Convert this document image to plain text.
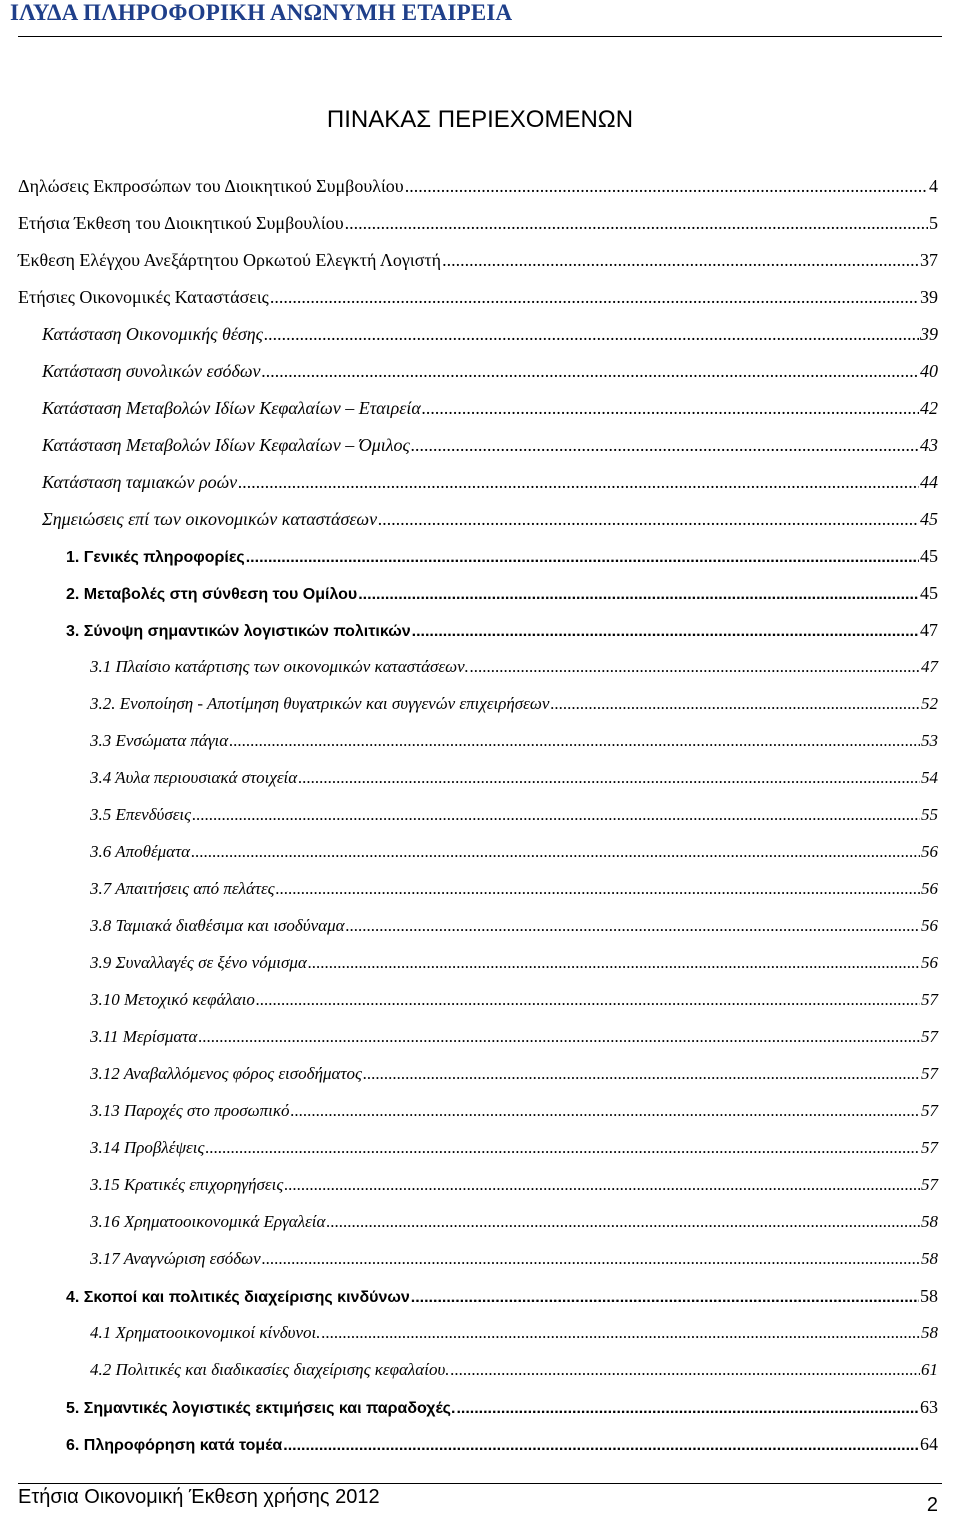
ΙΛΥΔΑ ΠΛΗΡΟΦΟΡΙΚΗ ΑΝΩΝΥΜΗ ΕΤΑΙΡΕΙΑ
ΠΙΝΑΚΑΣ ΠΕΡΙΕΧΟΜΕΝΩΝ
Δηλώσεις Εκπροσώπων του Διοικητικού Συμβουλίου .....	4
Ετήσια Έκθεση του Διοικητικού Συμβουλίου .....	5
Έκθεση Ελέγχου Ανεξάρτητου Ορκωτού Ελεγκτή Λογιστή .....	37
Ετήσιες Οικονομικές Καταστάσεις .....	39
Κατάσταση Οικονομικής θέσης .....	39
Κατάσταση συνολικών εσόδων .....	40
Κατάσταση Μεταβολών Ιδίων Κεφαλαίων – Εταιρεία .....	42
Κατάσταση Μεταβολών Ιδίων Κεφαλαίων – Όμιλος .....	43
Κατάσταση ταμιακών ροών .....	44
Σημειώσεις επί των οικονομικών καταστάσεων .....	45
1. Γενικές πληροφορίες .....	45
2. Μεταβολές στη σύνθεση του Ομίλου .....	45
3. Σύνοψη σημαντικών λογιστικών πολιτικών .....	47
3.1 Πλαίσιο κατάρτισης των οικονομικών καταστάσεων. .....	47
3.2. Ενοποίηση - Αποτίμηση θυγατρικών και συγγενών επιχειρήσεων .....	52
3.3 Ενσώματα πάγια .....	53
3.4 Άυλα περιουσιακά στοιχεία .....	54
3.5 Επενδύσεις .....	55
3.6 Αποθέματα .....	56
3.7 Απαιτήσεις από πελάτες .....	56
3.8 Ταμιακά διαθέσιμα και ισοδύναμα .....	56
3.9 Συναλλαγές σε ξένο νόμισμα .....	56
3.10 Μετοχικό κεφάλαιο .....	57
3.11 Μερίσματα .....	57
3.12 Αναβαλλόμενος φόρος εισοδήματος .....	57
3.13 Παροχές στο προσωπικό .....	57
3.14 Προβλέψεις .....	57
3.15 Κρατικές επιχορηγήσεις .....	57
3.16 Χρηματοοικονομικά Εργαλεία .....	58
3.17 Αναγνώριση εσόδων .....	58
4. Σκοποί και πολιτικές διαχείρισης κινδύνων .....	58
4.1 Χρηματοοικονομικοί κίνδυνοι. .....	58
4.2 Πολιτικές και διαδικασίες διαχείρισης κεφαλαίου. .....	61
5. Σημαντικές λογιστικές εκτιμήσεις και παραδοχές. .....	63
6. Πληροφόρηση κατά τομέα .....	64
Ετήσια Οικονομική Έκθεση χρήσης 2012	2
